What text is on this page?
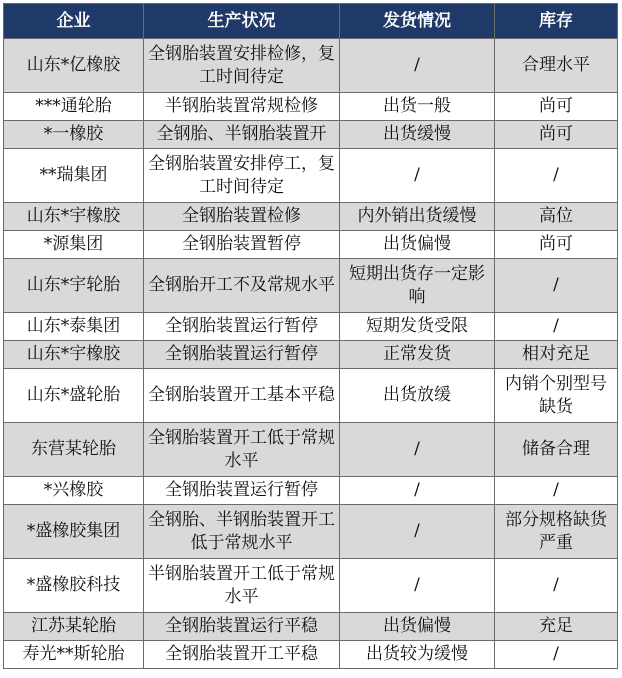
企业	生产状况	发货情况	库存
山东*亿橡胶	全钢胎装置安排检修，复工时间待定	/	合理水平
***通轮胎	半钢胎装置常规检修	出货一般	尚可
*一橡胶	全钢胎、半钢胎装置开	出货缓慢	尚可
**瑞集团	全钢胎装置安排停工，复工时间待定	/	/
山东*宇橡胶	全钢胎装置检修	内外销出货缓慢	高位
*源集团	全钢胎装置暂停	出货偏慢	尚可
山东*宇轮胎	全钢胎开工不及常规水平	短期出货存一定影响	/
山东*泰集团	全钢胎装置运行暂停	短期发货受限	/
山东*宇橡胶	全钢胎装置运行暂停	正常发货	相对充足
山东*盛轮胎	全钢胎装置开工基本平稳	出货放缓	内销个别型号缺货
东营某轮胎	全钢胎装置开工低于常规水平	/	储备合理
*兴橡胶	全钢胎装置运行暂停	/	/
*盛橡胶集团	全钢胎、半钢胎装置开工低于常规水平	/	部分规格缺货严重
*盛橡胶科技	半钢胎装置开工低于常规水平	/	/
江苏某轮胎	全钢胎装置运行平稳	出货偏慢	充足
寿光**斯轮胎	全钢胎装置开工平稳	出货较为缓慢	/
